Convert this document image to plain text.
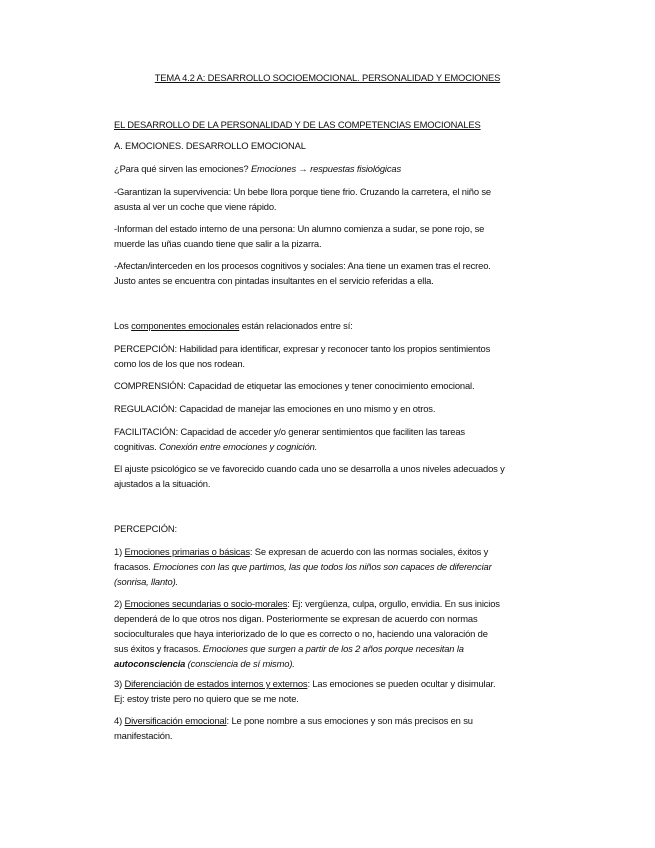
TEMA 4.2 A: DESARROLLO SOCIOEMOCIONAL. PERSONALIDAD Y EMOCIONES

EL DESARROLLO DE LA PERSONALIDAD Y DE LAS COMPETENCIAS EMOCIONALES

A. EMOCIONES. DESARROLLO EMOCIONAL

¿Para qué sirven las emociones? Emociones → respuestas fisiológicas

-Garantizan la supervivencia: Un bebe llora porque tiene frio. Cruzando la carretera, el niño se
asusta al ver un coche que viene rápido.

-Informan del estado interno de una persona: Un alumno comienza a sudar, se pone rojo, se
muerde las uñas cuando tiene que salir a la pizarra.

-Afectan/interceden en los procesos cognitivos y sociales: Ana tiene un examen tras el recreo.
Justo antes se encuentra con pintadas insultantes en el servicio referidas a ella.

Los componentes emocionales están relacionados entre sí:

PERCEPCIÓN: Habilidad para identificar, expresar y reconocer tanto los propios sentimientos
como los de los que nos rodean.

COMPRENSIÓN: Capacidad de etiquetar las emociones y tener conocimiento emocional.

REGULACIÓN: Capacidad de manejar las emociones en uno mismo y en otros.

FACILITACIÓN: Capacidad de acceder y/o generar sentimientos que faciliten las tareas
cognitivas. Conexión entre emociones y cognición.

El ajuste psicológico se ve favorecido cuando cada uno se desarrolla a unos niveles adecuados y
ajustados a la situación.

PERCEPCIÓN:

1) Emociones primarias o básicas: Se expresan de acuerdo con las normas sociales, éxitos y
fracasos. Emociones con las que partimos, las que todos los niños son capaces de diferenciar
(sonrisa, llanto).

2) Emociones secundarias o socio-morales: Ej: vergüenza, culpa, orgullo, envidia. En sus inicios
dependerá de lo que otros nos digan. Posteriormente se expresan de acuerdo con normas
socioculturales que haya interiorizado de lo que es correcto o no, haciendo una valoración de
sus éxitos y fracasos. Emociones que surgen a partir de los 2 años porque necesitan la
autoconsciencia (consciencia de sí mismo).

3) Diferenciación de estados internos y externos: Las emociones se pueden ocultar y disimular.
Ej: estoy triste pero no quiero que se me note.

4) Diversificación emocional: Le pone nombre a sus emociones y son más precisos en su
manifestación.
